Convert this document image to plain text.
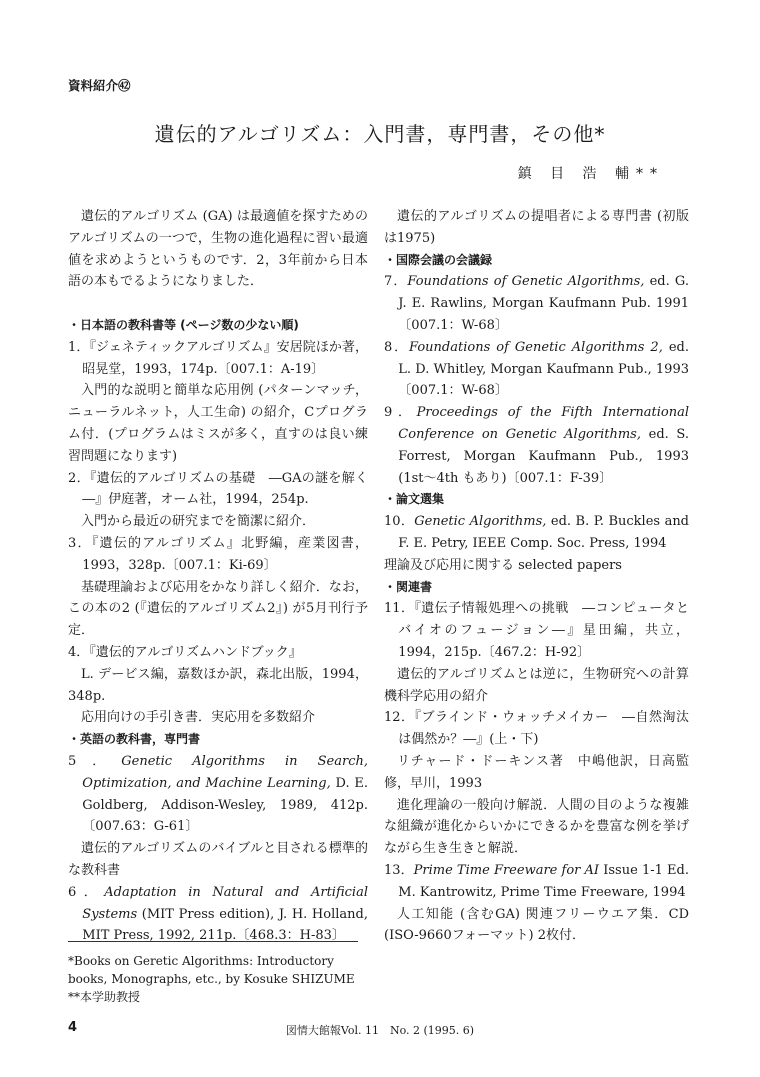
資料紹介㊷
遺伝的アルゴリズム：入門書，専門書，その他*
鎮 目 浩 輔**

遺伝的アルゴリズム (GA) は最適値を探すためのアルゴリズムの一つで，生物の進化過程に習い最適値を求めようというものです．2，3年前から日本語の本もでるようになりました．

・日本語の教科書等 (ページ数の少ない順)

1．『ジェネティックアルゴリズム』安居院ほか著，昭晃堂，1993，174p.〔007.1：A-19〕

入門的な説明と簡単な応用例 (パターンマッチ，ニューラルネット，人工生命) の紹介，Cプログラム付．(プログラムはミスが多く，直すのは良い練習問題になります)

2．『遺伝的アルゴリズムの基礎　―GAの謎を解く―』伊庭著，オーム社，1994，254p.

入門から最近の研究までを簡潔に紹介．

3．『遺伝的アルゴリズム』北野編，産業図書，1993，328p.〔007.1：Ki-69〕

基礎理論および応用をかなり詳しく紹介．なお，この本の2 (『遺伝的アルゴリズム2』) が5月刊行予定．

4．『遺伝的アルゴリズムハンドブック』

L. デービス編，嘉数ほか訳，森北出版，1994，348p.

応用向けの手引き書．実応用を多数紹介

・英語の教科書，専門書

5．Genetic Algorithms in Search, Optimization, and Machine Learning, D. E. Goldberg, Addison-Wesley, 1989, 412p.〔007.63：G-61〕

遺伝的アルゴリズムのバイブルと目される標準的な教科書

6．Adaptation in Natural and Artificial Systems (MIT Press edition), J. H. Holland, MIT Press, 1992, 211p.〔468.3：H-83〕

遺伝的アルゴリズムの提唱者による専門書 (初版は1975)

・国際会議の会議録

7．Foundations of Genetic Algorithms, ed. G. J. E. Rawlins, Morgan Kaufmann Pub. 1991〔007.1：W-68〕

8．Foundations of Genetic Algorithms 2, ed. L. D. Whitley, Morgan Kaufmann Pub., 1993〔007.1：W-68〕

9．Proceedings of the Fifth International Conference on Genetic Algorithms, ed. S. Forrest, Morgan Kaufmann Pub., 1993 (1st〜4th もあり)〔007.1：F-39〕

・論文選集

10．Genetic Algorithms, ed. B. P. Buckles and F. E. Petry, IEEE Comp. Soc. Press, 1994

理論及び応用に関する selected papers

・関連書

11．『遺伝子情報処理への挑戦　―コンピュータとバイオのフュージョン―』星田編，共立，1994，215p.〔467.2：H-92〕

遺伝的アルゴリズムとは逆に，生物研究への計算機科学応用の紹介

12．『ブラインド・ウォッチメイカー　―自然淘汰は偶然か？―』(上・下)

リチャード・ドーキンス著　中嶋他訳，日高監修，早川，1993

進化理論の一般向け解説．人間の目のような複雑な組織が進化からいかにできるかを豊富な例を挙げながら生き生きと解説．

13．Prime Time Freeware for AI Issue 1-1 Ed. M. Kantrowitz, Prime Time Freeware, 1994

人工知能 (含むGA) 関連フリーウエア集．CD (ISO-9660フォーマット) 2枚付．

*Books on Geretic Algorithms: Introductory books, Monographs, etc., by Kosuke SHIZUME

**本学助教授

4	図情大館報Vol. 11　No. 2 (1995. 6)
